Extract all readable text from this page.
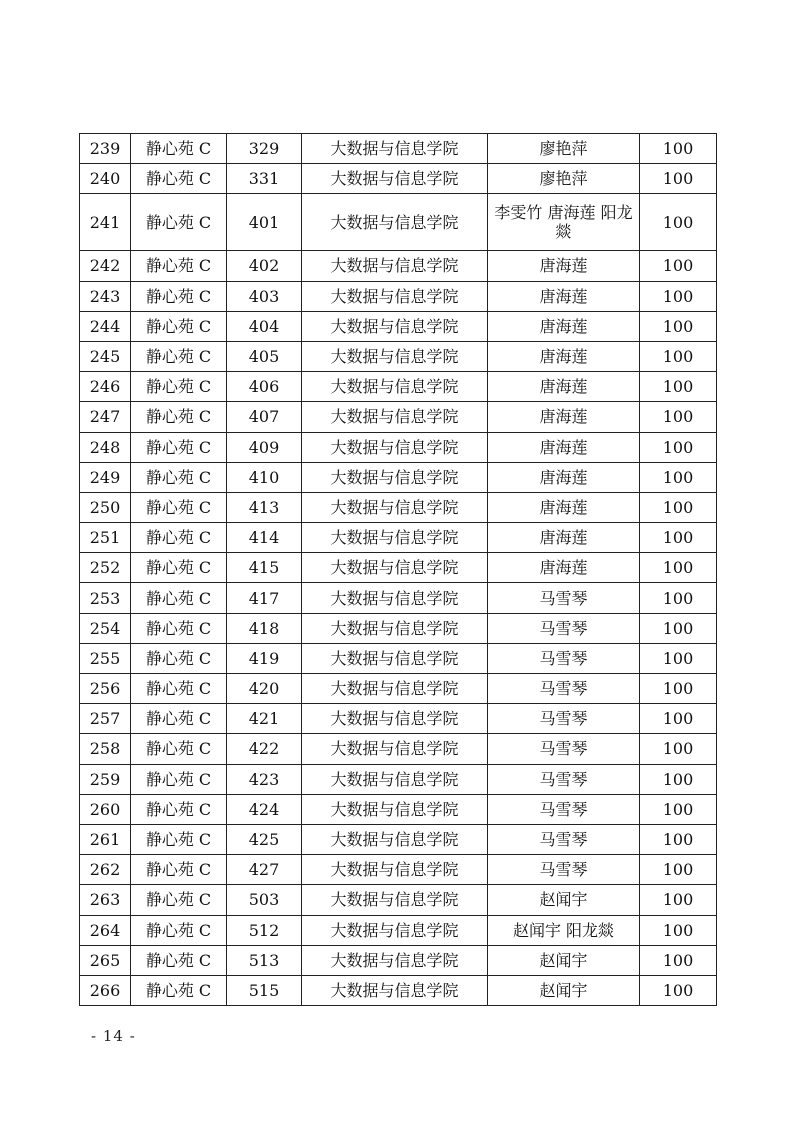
239	静心苑 C	329	大数据与信息学院	廖艳萍	100
240	静心苑 C	331	大数据与信息学院	廖艳萍	100
241	静心苑 C	401	大数据与信息学院	李雯竹 唐海莲 阳龙燚	100
242	静心苑 C	402	大数据与信息学院	唐海莲	100
243	静心苑 C	403	大数据与信息学院	唐海莲	100
244	静心苑 C	404	大数据与信息学院	唐海莲	100
245	静心苑 C	405	大数据与信息学院	唐海莲	100
246	静心苑 C	406	大数据与信息学院	唐海莲	100
247	静心苑 C	407	大数据与信息学院	唐海莲	100
248	静心苑 C	409	大数据与信息学院	唐海莲	100
249	静心苑 C	410	大数据与信息学院	唐海莲	100
250	静心苑 C	413	大数据与信息学院	唐海莲	100
251	静心苑 C	414	大数据与信息学院	唐海莲	100
252	静心苑 C	415	大数据与信息学院	唐海莲	100
253	静心苑 C	417	大数据与信息学院	马雪琴	100
254	静心苑 C	418	大数据与信息学院	马雪琴	100
255	静心苑 C	419	大数据与信息学院	马雪琴	100
256	静心苑 C	420	大数据与信息学院	马雪琴	100
257	静心苑 C	421	大数据与信息学院	马雪琴	100
258	静心苑 C	422	大数据与信息学院	马雪琴	100
259	静心苑 C	423	大数据与信息学院	马雪琴	100
260	静心苑 C	424	大数据与信息学院	马雪琴	100
261	静心苑 C	425	大数据与信息学院	马雪琴	100
262	静心苑 C	427	大数据与信息学院	马雪琴	100
263	静心苑 C	503	大数据与信息学院	赵闻宇	100
264	静心苑 C	512	大数据与信息学院	赵闻宇 阳龙燚	100
265	静心苑 C	513	大数据与信息学院	赵闻宇	100
266	静心苑 C	515	大数据与信息学院	赵闻宇	100
- 14 -
